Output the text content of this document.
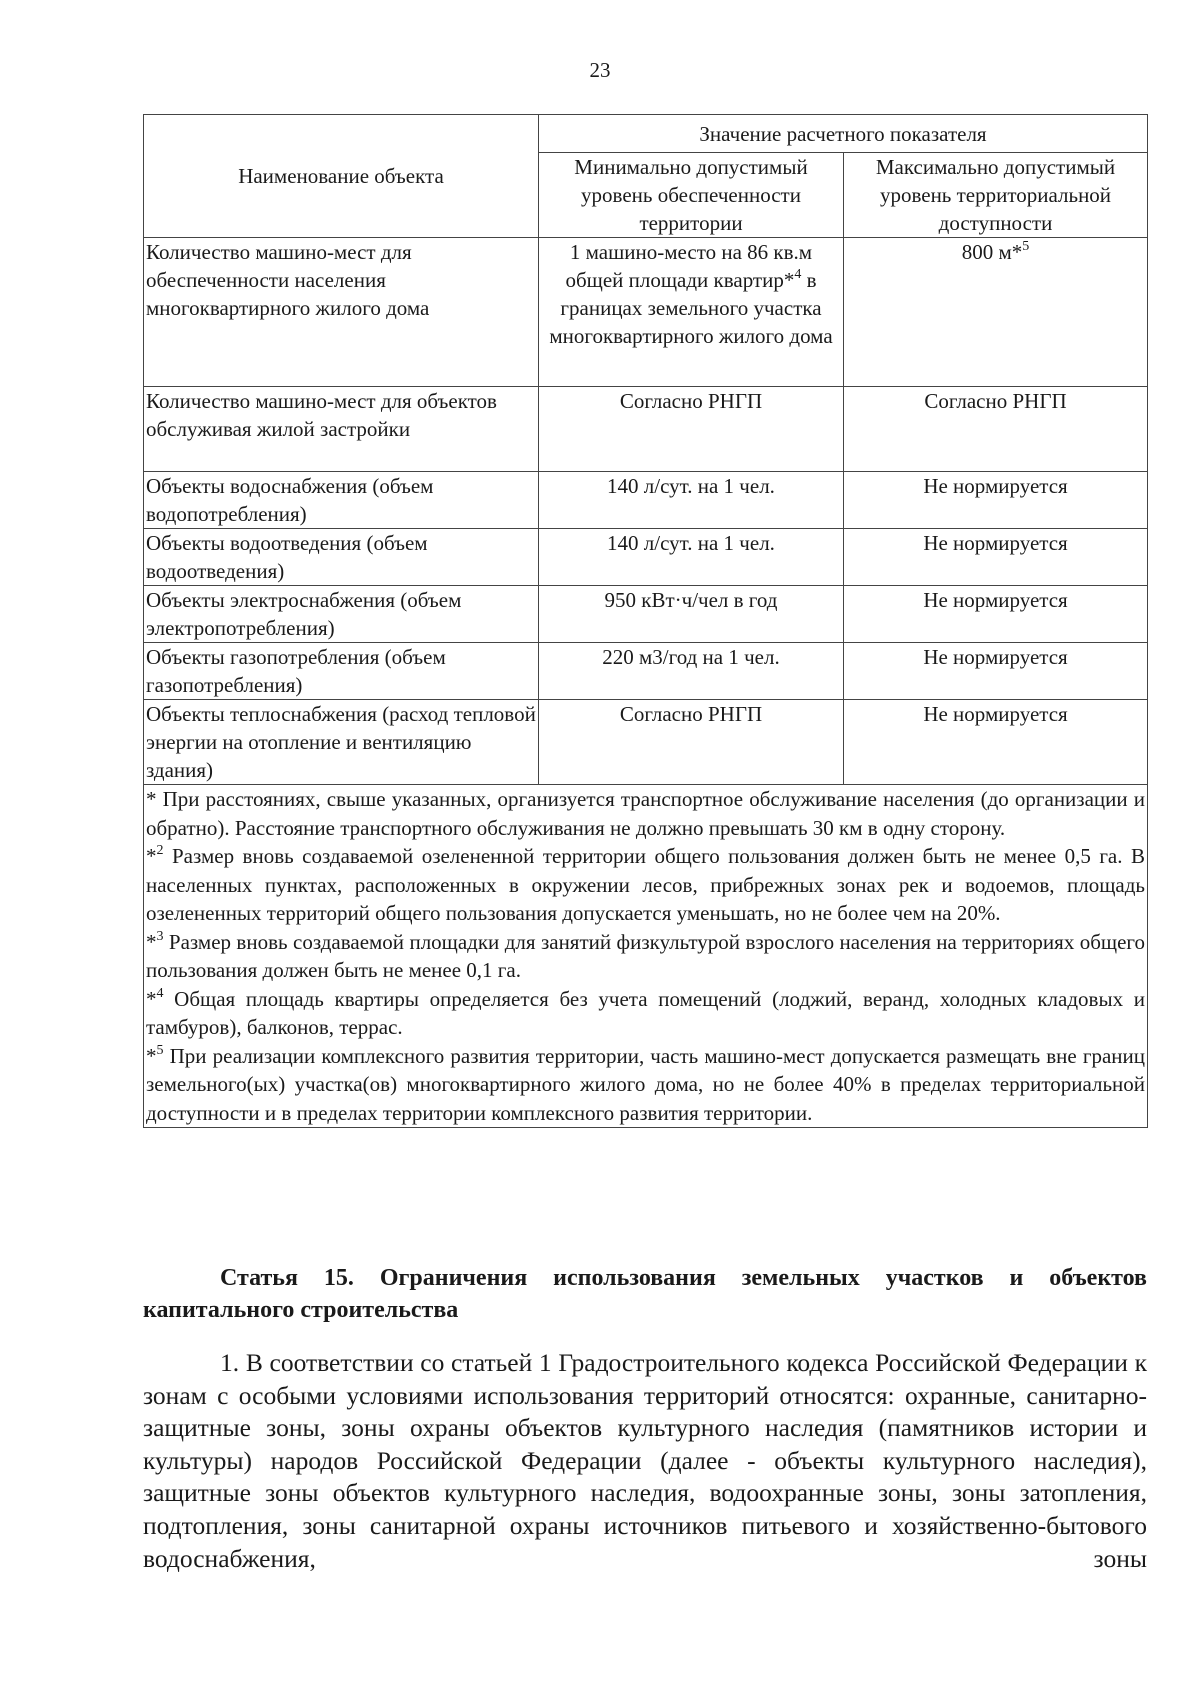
23
Наименование объекта	Значение расчетного показателя	
	Минимально допустимый уровень обеспеченности территории	Максимально допустимый уровень территориальной доступности
Количество машино-мест для обеспеченности населения многоквартирного жилого дома	1 машино-место на 86 кв.м общей площади квартир*$^4$ в границах земельного участка многоквартирного жилого дома	800 м*$^5$
Количество машино-мест для объектов обслуживая жилой застройки	Согласно РНГП	Согласно РНГП
Объекты водоснабжения (объем водопотребления)	140 л/сут. на 1 чел.	Не нормируется
Объекты водоотведения (объем водоотведения)	140 л/сут. на 1 чел.	Не нормируется
Объекты электроснабжения (объем электропотребления)	950 кВт·ч/чел в год	Не нормируется
Объекты газопотребления (объем газопотребления)	220 м3/год на 1 чел.	Не нормируется
Объекты теплоснабжения (расход тепловой энергии на отопление и вентиляцию здания)	Согласно РНГП	Не нормируется

* При расстояниях, свыше указанных, организуется транспортное обслуживание населения (до организации и обратно). Расстояние транспортного обслуживания не должно превышать 30 км в одну сторону.

*$^2$ Размер вновь создаваемой озелененной территории общего пользования должен быть не менее 0,5 га. В населенных пунктах, расположенных в окружении лесов, прибрежных зонах рек и водоемов, площадь озелененных территорий общего пользования допускается уменьшать, но не более чем на 20%.

*$^3$ Размер вновь создаваемой площадки для занятий физкультурой взрослого населения на территориях общего пользования должен быть не менее 0,1 га.

*$^4$ Общая площадь квартиры определяется без учета помещений (лоджий, веранд, холодных кладовых и тамбуров), балконов, террас.

*$^5$ При реализации комплексного развития территории, часть машино-мест допускается размещать вне границ земельного(ых) участка(ов) многоквартирного жилого дома, но не более 40% в пределах территориальной доступности и в пределах территории комплексного развития территории.		

Статья 15. Ограничения использования земельных участков и объектов капитального строительства

1. В соответствии со статьей 1 Градостроительного кодекса Российской Федерации к зонам с особыми условиями использования территорий относятся: охранные, санитарно-защитные зоны, зоны охраны объектов культурного наследия (памятников истории и культуры) народов Российской Федерации (далее - объекты культурного наследия), защитные зоны объектов культурного наследия, водоохранные зоны, зоны затопления, подтопления, зоны санитарной охраны источников питьевого и хозяйственно-бытового водоснабжения, зоны
